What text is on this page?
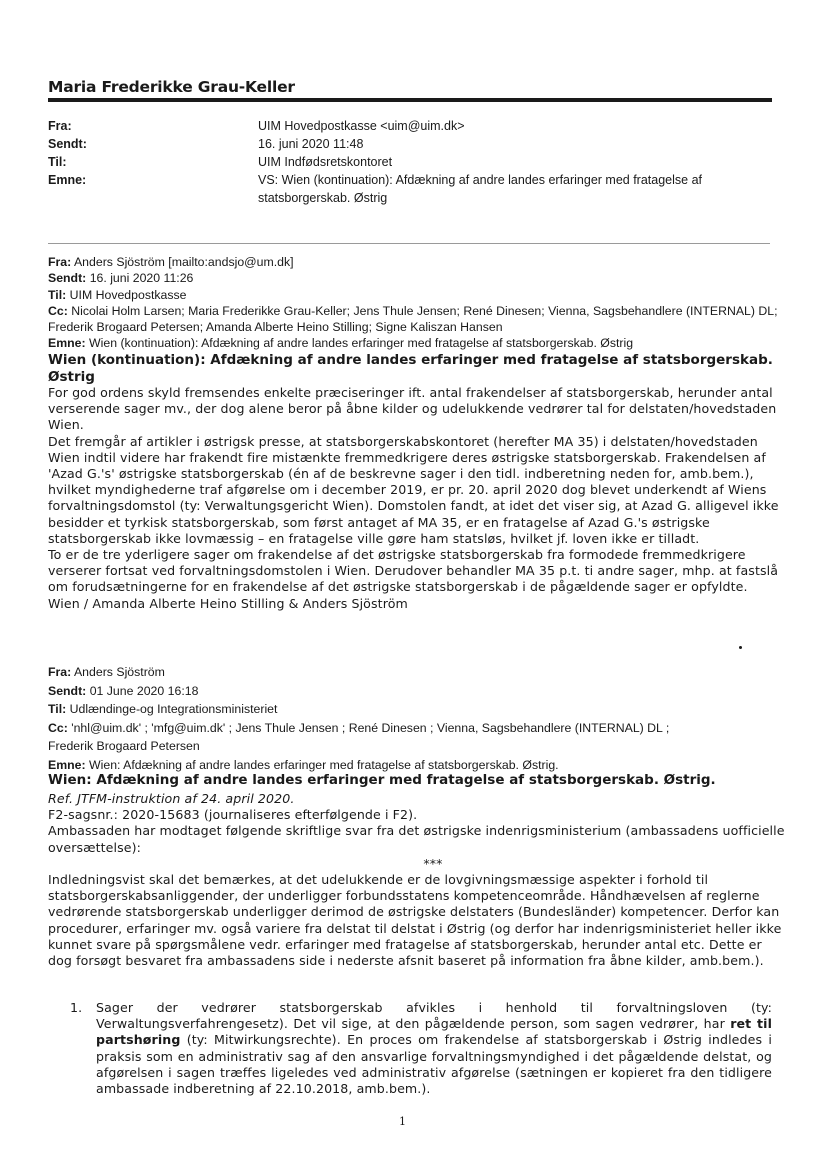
Maria Frederikke Grau-Keller
Fra:	UIM Hovedpostkasse <uim@uim.dk>
Sendt:	16. juni 2020 11:48
Til:	UIM Indfødsretskontoret
Emne:	VS: Wien (kontinuation): Afdækning af andre landes erfaringer med fratagelse af statsborgerskab. Østrig
Fra: Anders Sjöström [mailto:andsjo@um.dk]
Sendt: 16. juni 2020 11:26
Til: UIM Hovedpostkasse
Cc: Nicolai Holm Larsen; Maria Frederikke Grau-Keller; Jens Thule Jensen; René Dinesen; Vienna, Sagsbehandlere (INTERNAL) DL; Frederik Brogaard Petersen; Amanda Alberte Heino Stilling; Signe Kaliszan Hansen
Emne: Wien (kontinuation): Afdækning af andre landes erfaringer med fratagelse af statsborgerskab. Østrig
Wien (kontinuation): Afdækning af andre landes erfaringer med fratagelse af statsborgerskab. Østrig

For god ordens skyld fremsendes enkelte præciseringer ift. antal frakendelser af statsborgerskab, herunder antal verserende sager mv., der dog alene beror på åbne kilder og udelukkende vedrører tal for delstaten/hovedstaden Wien.

Det fremgår af artikler i østrigsk presse, at statsborgerskabskontoret (herefter MA 35) i delstaten/hovedstaden Wien indtil videre har frakendt fire mistænkte fremmedkrigere deres østrigske statsborgerskab. Frakendelsen af 'Azad G.'s' østrigske statsborgerskab (én af de beskrevne sager i den tidl. indberetning neden for, amb.bem.), hvilket myndighederne traf afgørelse om i december 2019, er pr. 20. april 2020 dog blevet underkendt af Wiens forvaltningsdomstol (ty: Verwaltungsgericht Wien). Domstolen fandt, at idet det viser sig, at Azad G. alligevel ikke besidder et tyrkisk statsborgerskab, som først antaget af MA 35, er en fratagelse af Azad G.'s østrigske statsborgerskab ikke lovmæssig – en fratagelse ville gøre ham statsløs, hvilket jf. loven ikke er tilladt.

To er de tre yderligere sager om frakendelse af det østrigske statsborgerskab fra formodede fremmedkrigere verserer fortsat ved forvaltningsdomstolen i Wien. Derudover behandler MA 35 p.t. ti andre sager, mhp. at fastslå om forudsætningerne for en frakendelse af det østrigske statsborgerskab i de pågældende sager er opfyldte.

Wien / Amanda Alberte Heino Stilling & Anders Sjöström

Fra: Anders Sjöström
Sendt: 01 June 2020 16:18
Til: Udlændinge-og Integrationsministeriet
Cc: 'nhl@uim.dk' ; 'mfg@uim.dk' ; Jens Thule Jensen ; René Dinesen ; Vienna, Sagsbehandlere (INTERNAL) DL ;
Frederik Brogaard Petersen
Emne: Wien: Afdækning af andre landes erfaringer med fratagelse af statsborgerskab. Østrig.
Wien: Afdækning af andre landes erfaringer med fratagelse af statsborgerskab. Østrig.

Ref. JTFM-instruktion af 24. april 2020.

F2-sagsnr.: 2020-15683 (journaliseres efterfølgende i F2).

Ambassaden har modtaget følgende skriftlige svar fra det østrigske indenrigsministerium (ambassadens uofficielle oversættelse):

***

Indledningsvist skal det bemærkes, at det udelukkende er de lovgivningsmæssige aspekter i forhold til statsborgerskabsanliggender, der underligger forbundsstatens kompetenceområde. Håndhævelsen af reglerne vedrørende statsborgerskab underligger derimod de østrigske delstaters (Bundesländer) kompetencer. Derfor kan procedurer, erfaringer mv. også variere fra delstat til delstat i Østrig (og derfor har indenrigsministeriet heller ikke kunnet svare på spørgsmålene vedr. erfaringer med fratagelse af statsborgerskab, herunder antal etc. Dette er dog forsøgt besvaret fra ambassadens side i nederste afsnit baseret på information fra åbne kilder, amb.bem.).

1. Sager der vedrører statsborgerskab afvikles i henhold til forvaltningsloven (ty: Verwaltungsverfahrengesetz). Det vil sige, at den pågældende person, som sagen vedrører, har ret til partshøring (ty: Mitwirkungsrechte). En proces om frakendelse af statsborgerskab i Østrig indledes i praksis som en administrativ sag af den ansvarlige forvaltningsmyndighed i det pågældende delstat, og afgørelsen i sagen træffes ligeledes ved administrativ afgørelse (sætningen er kopieret fra den tidligere ambassade indberetning af 22.10.2018, amb.bem.).

1
